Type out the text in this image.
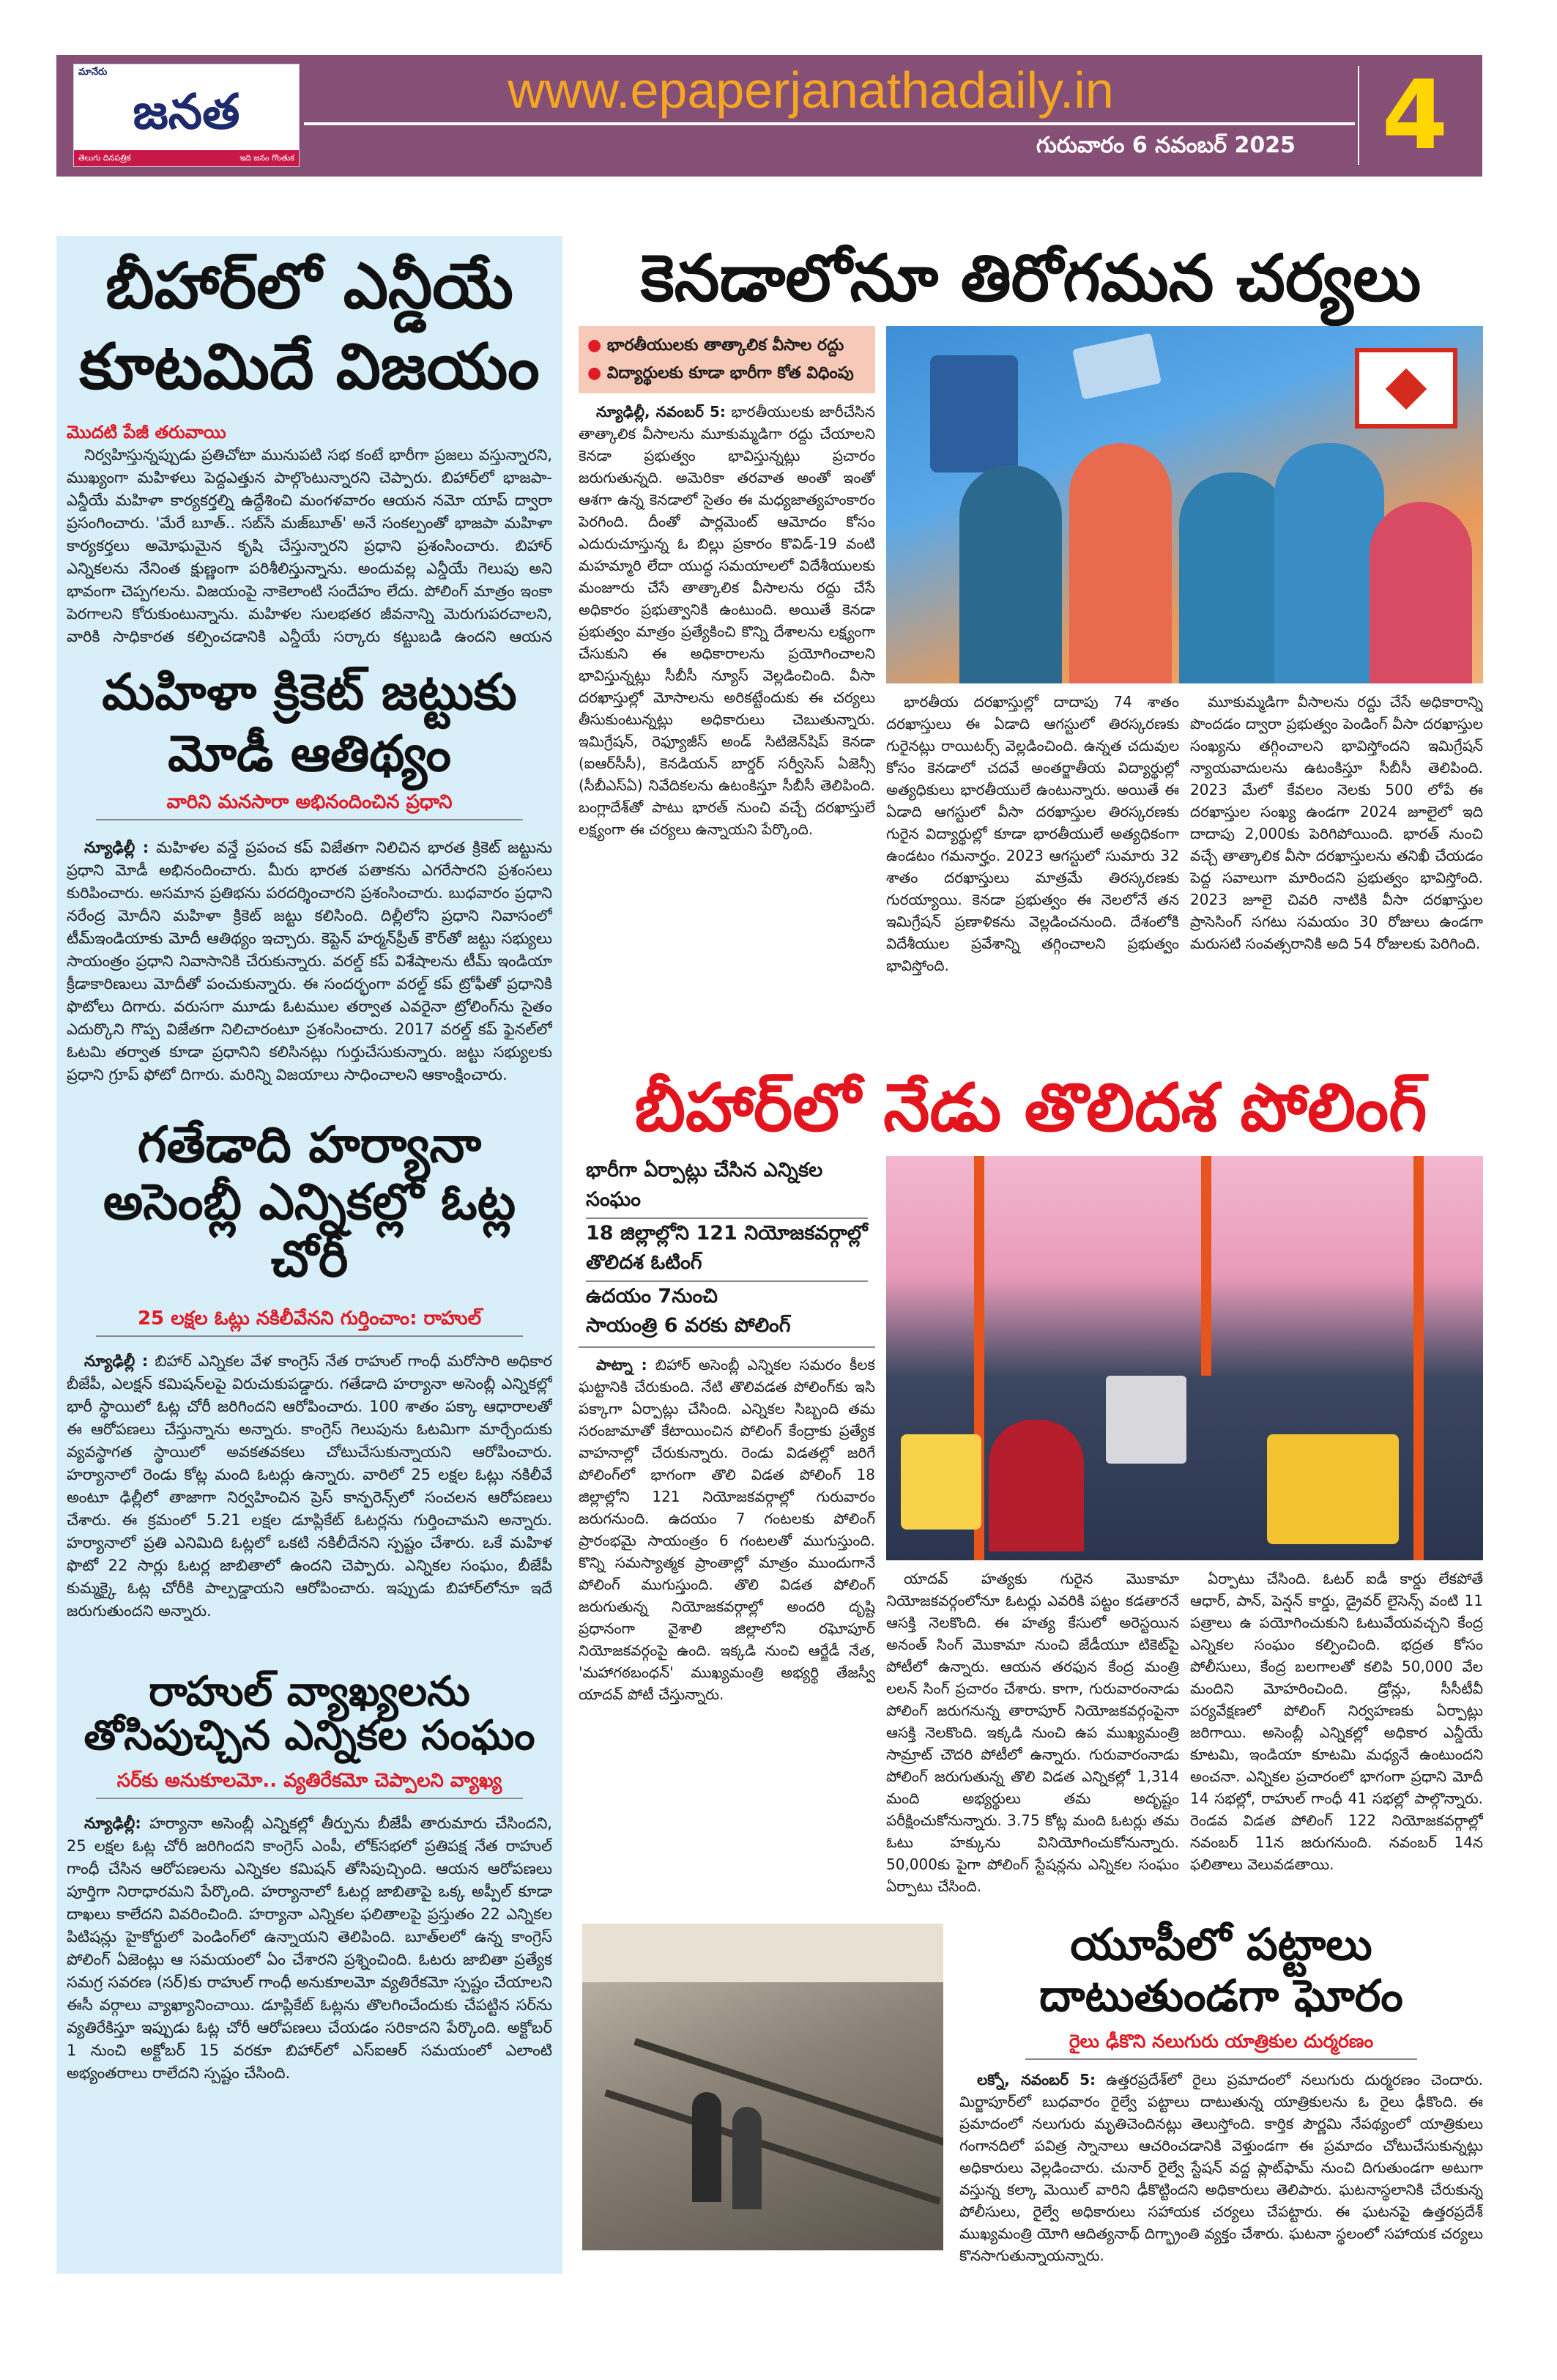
మానేరు
జనత
తెలుగు దినపత్రిక	ఇది జనం గొంతుక
www.epaperjanathadaily.in
గురువారం 6 నవంబర్ 2025 4
బీహార్‌లో ఎన్డీయే కూటమిదే విజయం
మొదటి పేజీ తరువాయి

నిర్వహిస్తున్నప్పుడు ప్రతిచోటా మునుపటి సభ కంటే భారీగా ప్రజలు వస్తున్నారని, ముఖ్యంగా మహిళలు పెద్దఎత్తున పాల్గొంటున్నారని చెప్పారు. బిహార్‌లో భాజపా-ఎన్డీయే మహిళా కార్యకర్తల్ని ఉద్దేశించి మంగళవారం ఆయన నమో యాప్ ద్వారా ప్రసంగించారు. 'మేరే బూత్.. సబ్‌సే మజ్‌బూత్' అనే సంకల్పంతో భాజపా మహిళా కార్యకర్తలు అమోఘమైన కృషి చేస్తున్నారని ప్రధాని ప్రశంసించారు. బిహార్ ఎన్నికలను నేనింత క్షుణ్ణంగా పరిశీలిస్తున్నాను. అందువల్ల ఎన్డీయే గెలుపు అని భావంగా చెప్పగలను. విజయంపై నాకెలాంటి సందేహం లేదు. పోలింగ్ మాత్రం ఇంకా పెరగాలని కోరుకుంటున్నాను. మహిళల సులభతర జీవనాన్ని మెరుగుపరచాలని, వారికి సాధికారత కల్పించడానికి ఎన్డీయే సర్కారు కట్టుబడి ఉందని ఆయన

మహిళా క్రికెట్ జట్టుకు మోడీ ఆతిథ్యం
వారిని మనసారా అభినందించిన ప్రధాని

న్యూఢిల్లీ : మహిళల వన్డే ప్రపంచ కప్ విజేతగా నిలిచిన భారత క్రికెట్ జట్టును ప్రధాని మోడీ అభినందించారు. మీరు భారత పతాకను ఎగరేసారని ప్రశంసలు కురిపించారు. అసమాన ప్రతిభను పరదర్శించారని ప్రశంసించారు. బుధవారం ప్రధాని నరేంద్ర మోదీని మహిళా క్రికెట్ జట్టు కలిసింది. దిల్లీలోని ప్రధాని నివాసంలో టీమ్‌ఇండియాకు మోదీ ఆతిథ్యం ఇచ్చారు. కెప్టెన్ హర్మన్‌ప్రీత్ కౌర్‌తో జట్టు సభ్యులు సాయంత్రం ప్రధాని నివాసానికి చేరుకున్నారు. వరల్డ్ కప్ విశేషాలను టీమ్ ఇండియా క్రీడాకారిణులు మోదీతో పంచుకున్నారు. ఈ సందర్భంగా వరల్డ్ కప్ ట్రోఫీతో ప్రధానికి ఫొటోలు దిగారు. వరుసగా మూడు ఓటముల తర్వాత ఎవరైనా ట్రోలింగ్‌ను సైతం ఎదుర్కొని గొప్ప విజేతగా నిలిచారంటూ ప్రశంసించారు. 2017 వరల్డ్ కప్ ఫైనల్‌లో ఓటమి తర్వాత కూడా ప్రధానిని కలిసినట్లు గుర్తుచేసుకున్నారు. జట్టు సభ్యులకు ప్రధాని గ్రూప్ ఫోటో దిగారు. మరిన్ని విజయాలు సాధించాలని ఆకాంక్షించారు.

గతేడాది హర్యానా అసెంబ్లీ ఎన్నికల్లో ఓట్ల చోరీ
25 లక్షల ఓట్లు నకిలీవేనని గుర్తించాం: రాహుల్

న్యూఢిల్లీ : బిహార్ ఎన్నికల వేళ కాంగ్రెస్ నేత రాహుల్ గాంధీ మరోసారి అధికార బీజేపీ, ఎలక్షన్ కమిషన్‌లపై విరుచుకుపడ్డారు. గతేడాది హర్యానా అసెంబ్లీ ఎన్నికల్లో భారీ స్థాయిలో ఓట్ల చోరీ జరిగిందని ఆరోపించారు. 100 శాతం పక్కా ఆధారాలతో ఈ ఆరోపణలు చేస్తున్నాను అన్నారు. కాంగ్రెస్ గెలుపును ఓటమిగా మార్చేందుకు వ్యవస్థాగత స్థాయిలో అవకతవకలు చోటుచేసుకున్నాయని ఆరోపించారు. హర్యానాలో రెండు కోట్ల మంది ఓటర్లు ఉన్నారు. వారిలో 25 లక్షల ఓట్లు నకిలీవే అంటూ ఢిల్లీలో తాజాగా నిర్వహించిన ప్రెస్ కాన్ఫరెన్స్‌లో సంచలన ఆరోపణలు చేశారు. ఈ క్రమంలో 5.21 లక్షల డూప్లికేట్ ఓటర్లను గుర్తించామని అన్నారు. హర్యానాలో ప్రతి ఎనిమిది ఓట్లలో ఒకటి నకిలీదేనని స్పష్టం చేశారు. ఒకే మహిళ ఫొటో 22 సార్లు ఓటర్ల జాబితాలో ఉందని చెప్పారు. ఎన్నికల సంఘం, బీజేపీ కుమ్మక్కై ఓట్ల చోరీకి పాల్పడ్డాయని ఆరోపించారు. ఇప్పుడు బిహార్‌లోనూ ఇదే జరుగుతుందని అన్నారు.

రాహుల్ వ్యాఖ్యలను తోసిపుచ్చిన ఎన్నికల సంఘం
సర్‌కు అనుకూలమో.. వ్యతిరేకమో చెప్పాలని వ్యాఖ్య

న్యూఢిల్లీ: హర్యానా అసెంబ్లీ ఎన్నికల్లో తీర్పును బీజేపీ తారుమారు చేసిందని, 25 లక్షల ఓట్ల చోరీ జరిగిందని కాంగ్రెస్ ఎంపీ, లోక్‌సభలో ప్రతిపక్ష నేత రాహుల్ గాంధీ చేసిన ఆరోపణలను ఎన్నికల కమిషన్ తోసిపుచ్చింది. ఆయన ఆరోపణలు పూర్తిగా నిరాధారమని పేర్కొంది. హర్యానాలో ఓటర్ల జాబితాపై ఒక్క అప్పీల్ కూడా దాఖలు కాలేదని వివరించింది. హర్యానా ఎన్నికల ఫలితాలపై ప్రస్తుతం 22 ఎన్నికల పిటిషన్లు హైకోర్టులో పెండింగ్‌లో ఉన్నాయని తెలిపింది. బూత్‌లలో ఉన్న కాంగ్రెస్ పోలింగ్ ఏజెంట్లు ఆ సమయంలో ఏం చేశారని ప్రశ్నించింది. ఓటరు జాబితా ప్రత్యేక సమగ్ర సవరణ (సర్)కు రాహుల్ గాంధీ అనుకూలమో వ్యతిరేకమో స్పష్టం చేయాలని ఈసీ వర్గాలు వ్యాఖ్యానించాయి. డూప్లికేట్ ఓట్లను తొలగించేందుకు చేపట్టిన సర్‌ను వ్యతిరేకిస్తూ ఇప్పుడు ఓట్ల చోరీ ఆరోపణలు చేయడం సరికాదని పేర్కొంది. అక్టోబర్ 1 నుంచి అక్టోబర్ 15 వరకూ బిహార్‌లో ఎస్ఐఆర్ సమయంలో ఎలాంటి అభ్యంతరాలు రాలేదని స్పష్టం చేసింది.

కెనడాలోనూ తిరోగమన చర్యలు
● భారతీయులకు తాత్కాలిక వీసాల రద్దు
● విద్యార్థులకు కూడా భారీగా కోత విధింపు

న్యూఢిల్లీ, నవంబర్ 5: భారతీయులకు జారీచేసిన తాత్కాలిక వీసాలను మూకుమ్మడిగా రద్దు చేయాలని కెనడా ప్రభుత్వం భావిస్తున్నట్లు ప్రచారం జరుగుతున్నది. అమెరికా తరవాత అంతో ఇంతో ఆశగా ఉన్న కెనడాలో సైతం ఈ మధ్యజాత్యహంకారం పెరగింది. దీంతో పార్లమెంట్ ఆమోదం కోసం ఎదురుచూస్తున్న ఓ బిల్లు ప్రకారం కొవిడ్-19 వంటి మహమ్మారి లేదా యుద్ధ సమయాలలో విదేశీయులకు మంజూరు చేసే తాత్కాలిక వీసాలను రద్దు చేసే అధికారం ప్రభుత్వానికి ఉంటుంది. అయితే కెనడా ప్రభుత్వం మాత్రం ప్రత్యేకించి కొన్ని దేశాలను లక్ష్యంగా చేసుకుని ఈ అధికారాలను ప్రయోగించాలని భావిస్తున్నట్లు సీబీసీ న్యూస్ వెల్లడించింది. వీసా దరఖాస్తుల్లో మోసాలను అరికట్టేందుకు ఈ చర్యలు తీసుకుంటున్నట్లు అధికారులు చెబుతున్నారు. ఇమిగ్రేషన్, రెఫ్యూజీస్ అండ్ సిటిజెన్‌షిప్ కెనడా (ఐఆర్‌సీసీ), కెనడియన్ బార్డర్ సర్వీసెస్ ఏజెన్సీ (సీబీఎస్ఏ) నివేదికలను ఉటంకిస్తూ సీబీసీ తెలిపింది. బంగ్లాదేశ్‌తో పాటు భారత్ నుంచి వచ్చే దరఖాస్తులే లక్ష్యంగా ఈ చర్యలు ఉన్నాయని పేర్కొంది.

భారతీయ దరఖాస్తుల్లో దాదాపు 74 శాతం దరఖాస్తులు ఈ ఏడాది ఆగస్టులో తిరస్కరణకు గురైనట్లు రాయిటర్స్ వెల్లడించింది. ఉన్నత చదువుల కోసం కెనడాలో చదవే అంతర్జాతీయ విద్యార్థుల్లో అత్యధికులు భారతీయులే ఉంటున్నారు. అయితే ఈ ఏడాది ఆగస్టులో వీసా దరఖాస్తుల తిరస్కరణకు గురైన విద్యార్థుల్లో కూడా భారతీయులే అత్యధికంగా ఉండటం గమనార్హం. 2023 ఆగస్టులో సుమారు 32 శాతం దరఖాస్తులు మాత్రమే తిరస్కరణకు గురయ్యాయి. కెనడా ప్రభుత్వం ఈ నెలలోనే తన ఇమిగ్రేషన్ ప్రణాళికను వెల్లడించనుంది. దేశంలోకి విదేశీయుల ప్రవేశాన్ని తగ్గించాలని ప్రభుత్వం భావిస్తోంది.

మూకుమ్మడిగా వీసాలను రద్దు చేసే అధికారాన్ని పొందడం ద్వారా ప్రభుత్వం పెండింగ్ వీసా దరఖాస్తుల సంఖ్యను తగ్గించాలని భావిస్తోందని ఇమిగ్రేషన్ న్యాయవాదులను ఉటంకిస్తూ సీబీసీ తెలిపింది. 2023 మేలో కేవలం నెలకు 500 లోపే ఈ దరఖాస్తుల సంఖ్య ఉండగా 2024 జూలైలో ఇది దాదాపు 2,000కు పెరిగిపోయింది. భారత్ నుంచి వచ్చే తాత్కాలిక వీసా దరఖాస్తులను తనిఖీ చేయడం పెద్ద సవాలుగా మారిందని ప్రభుత్వం భావిస్తోంది. 2023 జూలై చివరి నాటికి వీసా దరఖాస్తుల ప్రాసెసింగ్ సగటు సమయం 30 రోజులు ఉండగా మరుసటి సంవత్సరానికి అది 54 రోజులకు పెరిగింది.

బీహార్‌లో నేడు తొలిదశ పోలింగ్
భారీగా ఏర్పాట్లు చేసిన ఎన్నికల సంఘం
18 జిల్లాల్లోని 121 నియోజకవర్గాల్లో తొలిదశ ఓటింగ్
ఉదయం 7నుంచి
సాయంత్రి 6 వరకు పోలింగ్

పాట్నా : బిహార్ అసెంబ్లీ ఎన్నికల సమరం కీలక ఘట్టానికి చేరుకుంది. నేటి తొలివడత పోలింగ్‌కు ఇసి పక్కాగా ఏర్పాట్లు చేసింది. ఎన్నికల సిబ్బంది తమ సరంజామాతో కేటాయించిన పోలింగ్ కేంద్రాకు ప్రత్యేక వాహనాల్లో చేరుకున్నారు. రెండు విడతల్లో జరిగే పోలింగ్‌లో భాగంగా తొలి విడత పోలింగ్ 18 జిల్లాల్లోని 121 నియోజకవర్గాల్లో గురువారం జరుగనుంది. ఉదయం 7 గంటలకు పోలింగ్ ప్రారంభమై సాయంత్రం 6 గంటలతో ముగుస్తుంది. కొన్ని సమస్యాత్మక ప్రాంతాల్లో మాత్రం ముందుగానే పోలింగ్ ముగుస్తుంది. తొలి విడత పోలింగ్ జరుగుతున్న నియోజకవర్గాల్లో అందరి దృష్టి ప్రధానంగా వైశాలి జిల్లాలోని రఘోపూర్ నియోజకవర్గంపై ఉంది. ఇక్కడి నుంచి ఆర్జేడీ నేత, 'మహాగఠబంధన్' ముఖ్యమంత్రి అభ్యర్థి తేజస్వీ యాదవ్ పోటీ చేస్తున్నారు.

యాదవ్ హత్యకు గురైన మొకామా నియోజకవర్గంలోనూ ఓటర్లు ఎవరికి పట్టం కడతారనే ఆసక్తి నెలకొంది. ఈ హత్య కేసులో అరెస్టయిన అనంత్ సింగ్ మొకామా నుంచి జేడీయూ టికెట్‌పై పోటీలో ఉన్నారు. ఆయన తరఫున కేంద్ర మంత్రి లలన్ సింగ్ ప్రచారం చేశారు. కాగా, గురువారంనాడు పోలింగ్ జరుగనున్న తారాపూర్ నియోజకవర్గంపైనా ఆసక్తి నెలకొంది. ఇక్కడి నుంచి ఉప ముఖ్యమంత్రి సామ్రాట్ చౌదరి పోటీలో ఉన్నారు. గురువారంనాడు పోలింగ్ జరుగుతున్న తొలి విడత ఎన్నికల్లో 1,314 మంది అభ్యర్థులు తమ అదృష్టం పరీక్షించుకోనున్నారు. 3.75 కోట్ల మంది ఓటర్లు తమ ఓటు హక్కును వినియోగించుకోనున్నారు. 50,000కు పైగా పోలింగ్ స్టేషన్లను ఎన్నికల సంఘం ఏర్పాటు చేసింది.

ఏర్పాటు చేసింది. ఓటర్ ఐడీ కార్డు లేకపోతే ఆధార్, పాన్, పెన్షన్ కార్డు, డ్రైవర్ లైసెన్స్ వంటి 11 పత్రాలు ఉ పయోగించుకుని ఓటువేయవచ్చని కేంద్ర ఎన్నికల సంఘం కల్పించింది. భద్రత కోసం పోలీసులు, కేంద్ర బలగాలతో కలిపి 50,000 వేల మందిని మోహరించింది. డ్రోన్లు, సీసీటీవీ పర్యవేక్షణలో పోలింగ్ నిర్వహణకు ఏర్పాట్లు జరిగాయి. అసెంబ్లీ ఎన్నికల్లో అధికార ఎన్డీయే కూటమి, ఇండియా కూటమి మధ్యనే ఉంటుందని అంచనా. ఎన్నికల ప్రచారంలో భాగంగా ప్రధాని మోదీ 14 సభల్లో, రాహుల్ గాంధీ 41 సభల్లో పాల్గొన్నారు. రెండవ విడత పోలింగ్ 122 నియోజకవర్గాల్లో నవంబర్ 11న జరుగనుంది. నవంబర్ 14న ఫలితాలు వెలువడతాయి.

యూపీలో పట్టాలు దాటుతుండగా ఘోరం
రైలు ఢీకొని నలుగురు యాత్రికుల దుర్మరణం

లక్నో, నవంబర్ 5: ఉత్తరప్రదేశ్‌లో రైలు ప్రమాదంలో నలుగురు దుర్మరణం చెందారు. మిర్జాపూర్‌లో బుధవారం రైల్వే పట్టాలు దాటుతున్న యాత్రికులను ఓ రైలు ఢీకొంది. ఈ ప్రమాదంలో నలుగురు మృతిచెందినట్లు తెలుస్తోంది. కార్తిక పౌర్ణమి నేపథ్యంలో యాత్రికులు గంగానదిలో పవిత్ర స్నానాలు ఆచరించడానికి వెళ్తుండగా ఈ ప్రమాదం చోటుచేసుకున్నట్లు అధికారులు వెల్లడించారు. చునార్ రైల్వే స్టేషన్ వద్ద ప్లాట్‌ఫామ్ నుంచి దిగుతుండగా అటుగా వస్తున్న కల్కా మెయిల్ వారిని ఢీకొట్టిందని అధికారులు తెలిపారు. ఘటనాస్థలానికి చేరుకున్న పోలీసులు, రైల్వే అధికారులు సహాయక చర్యలు చేపట్టారు. ఈ ఘటనపై ఉత్తరప్రదేశ్ ముఖ్యమంత్రి యోగి ఆదిత్యనాథ్ దిగ్భ్రాంతి వ్యక్తం చేశారు. ఘటనా స్థలంలో సహాయక చర్యలు కొనసాగుతున్నాయన్నారు.
